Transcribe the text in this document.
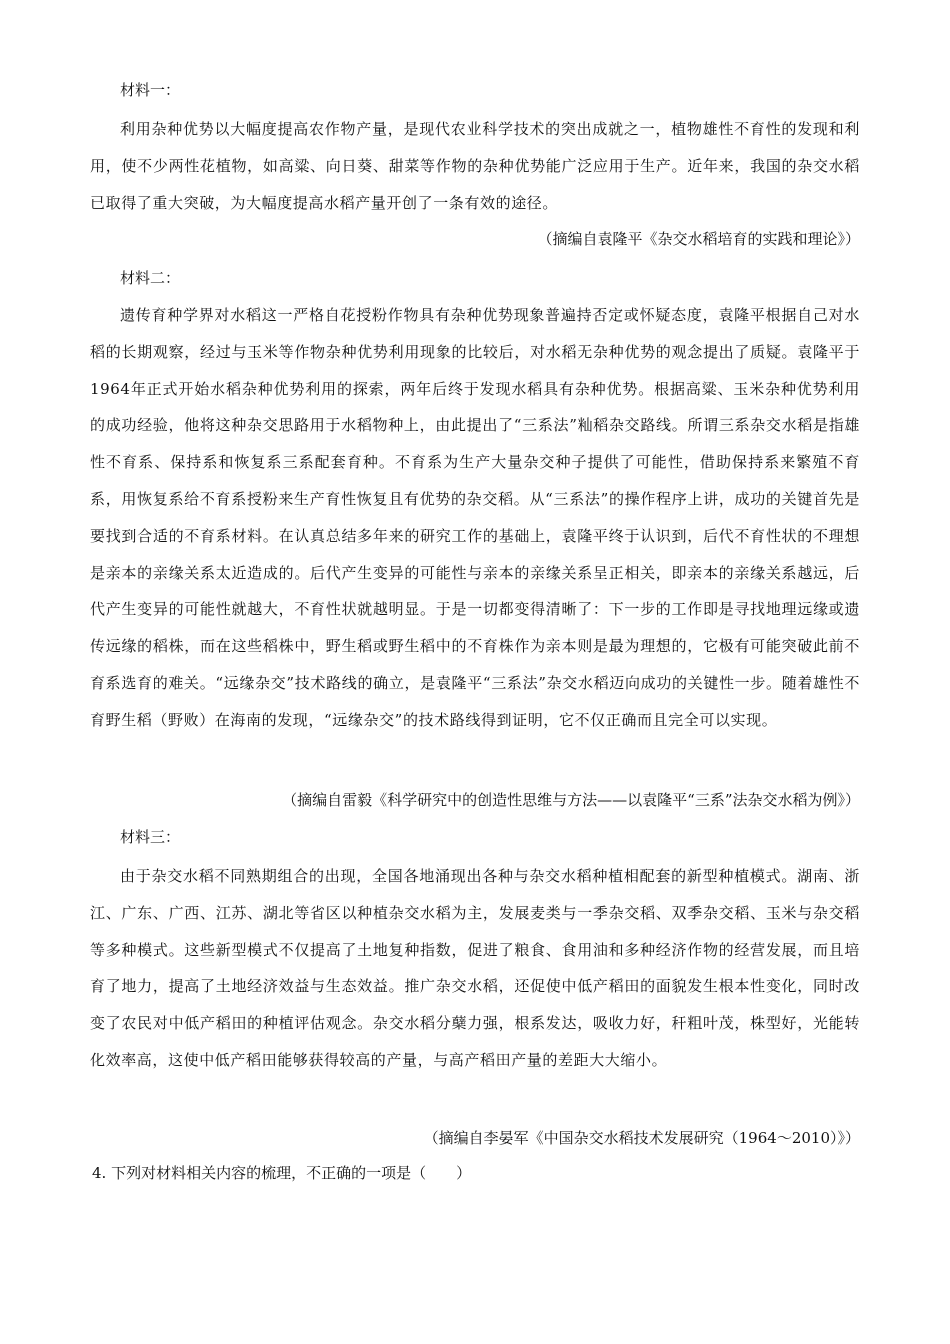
材料一：

利用杂种优势以大幅度提高农作物产量，是现代农业科学技术的突出成就之一，植物雄性不育性的发现和利用，使不少两性花植物，如高粱、向日葵、甜菜等作物的杂种优势能广泛应用于生产。近年来，我国的杂交水稻已取得了重大突破，为大幅度提高水稻产量开创了一条有效的途径。

（摘编自袁隆平《杂交水稻培育的实践和理论》）

材料二：

遗传育种学界对水稻这一严格自花授粉作物具有杂种优势现象普遍持否定或怀疑态度，袁隆平根据自己对水稻的长期观察，经过与玉米等作物杂种优势利用现象的比较后，对水稻无杂种优势的观念提出了质疑。袁隆平于1964年正式开始水稻杂种优势利用的探索，两年后终于发现水稻具有杂种优势。根据高粱、玉米杂种优势利用的成功经验，他将这种杂交思路用于水稻物种上，由此提出了“三系法”籼稻杂交路线。所谓三系杂交水稻是指雄性不育系、保持系和恢复系三系配套育种。不育系为生产大量杂交种子提供了可能性，借助保持系来繁殖不育系，用恢复系给不育系授粉来生产育性恢复且有优势的杂交稻。从“三系法”的操作程序上讲，成功的关键首先是要找到合适的不育系材料。在认真总结多年来的研究工作的基础上，袁隆平终于认识到，后代不育性状的不理想是亲本的亲缘关系太近造成的。后代产生变异的可能性与亲本的亲缘关系呈正相关，即亲本的亲缘关系越远，后代产生变异的可能性就越大，不育性状就越明显。于是一切都变得清晰了：下一步的工作即是寻找地理远缘或遗传远缘的稻株，而在这些稻株中，野生稻或野生稻中的不育株作为亲本则是最为理想的，它极有可能突破此前不育系选育的难关。“远缘杂交”技术路线的确立，是袁隆平“三系法”杂交水稻迈向成功的关键性一步。随着雄性不育野生稻（野败）在海南的发现，“远缘杂交”的技术路线得到证明，它不仅正确而且完全可以实现。

（摘编自雷毅《科学研究中的创造性思维与方法——以袁隆平“三系”法杂交水稻为例》）

材料三：

由于杂交水稻不同熟期组合的出现，全国各地涌现出各种与杂交水稻种植相配套的新型种植模式。湖南、浙江、广东、广西、江苏、湖北等省区以种植杂交水稻为主，发展麦类与一季杂交稻、双季杂交稻、玉米与杂交稻等多种模式。这些新型模式不仅提高了土地复种指数，促进了粮食、食用油和多种经济作物的经营发展，而且培育了地力，提高了土地经济效益与生态效益。推广杂交水稻，还促使中低产稻田的面貌发生根本性变化，同时改变了农民对中低产稻田的种植评估观念。杂交水稻分蘖力强，根系发达，吸收力好，秆粗叶茂，株型好，光能转化效率高，这使中低产稻田能够获得较高的产量，与高产稻田产量的差距大大缩小。

（摘编自李晏军《中国杂交水稻技术发展研究（1964～2010）》）

4. 下列对材料相关内容的梳理，不正确的一项是（　　）
